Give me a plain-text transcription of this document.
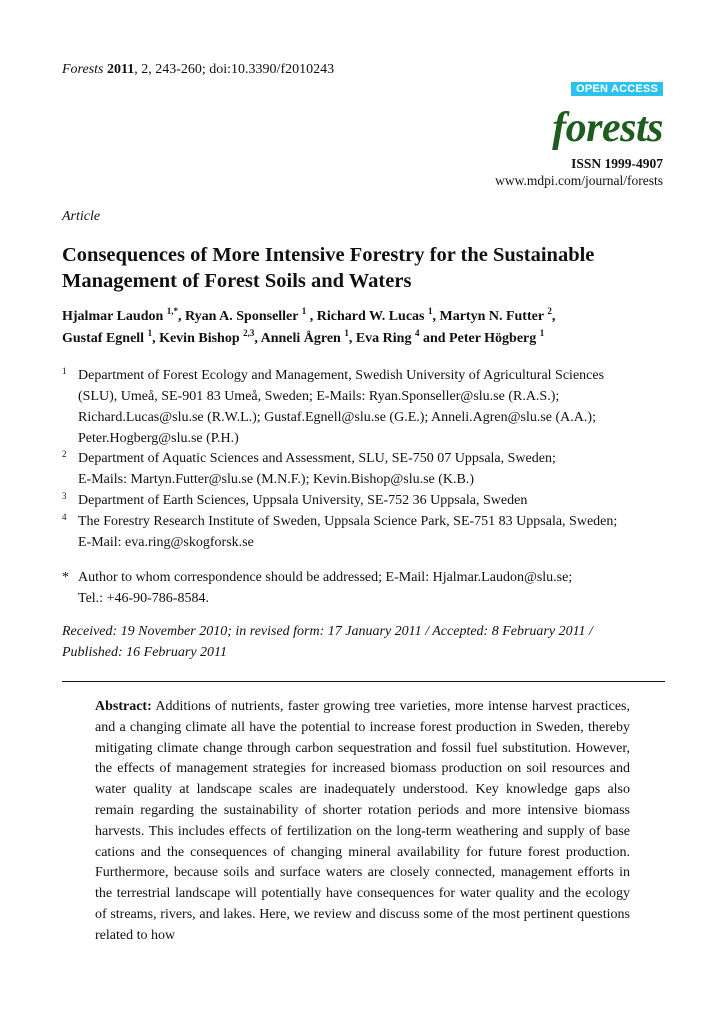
Forests 2011, 2, 243-260; doi:10.3390/f2010243
OPEN ACCESS
forests
ISSN 1999-4907
www.mdpi.com/journal/forests
Article
Consequences of More Intensive Forestry for the Sustainable Management of Forest Soils and Waters
Hjalmar Laudon $^{1,*}$, Ryan A. Sponseller $^1$ , Richard W. Lucas $^1$, Martyn N. Futter $^2$,
Gustaf Egnell $^1$, Kevin Bishop $^{2,3}$, Anneli Ågren $^1$, Eva Ring $^4$ and Peter Högberg $^1$
1 Department of Forest Ecology and Management, Swedish University of Agricultural Sciences
(SLU), Umeå, SE-901 83 Umeå, Sweden; E-Mails: Ryan.Sponseller@slu.se (R.A.S.);
Richard.Lucas@slu.se (R.W.L.); Gustaf.Egnell@slu.se (G.E.); Anneli.Agren@slu.se (A.A.);
Peter.Hogberg@slu.se (P.H.)
2 Department of Aquatic Sciences and Assessment, SLU, SE-750 07 Uppsala, Sweden;
E-Mails: Martyn.Futter@slu.se (M.N.F.); Kevin.Bishop@slu.se (K.B.)
3 Department of Earth Sciences, Uppsala University, SE-752 36 Uppsala, Sweden
4 The Forestry Research Institute of Sweden, Uppsala Science Park, SE-751 83 Uppsala, Sweden;
E-Mail: eva.ring@skogforsk.se
* Author to whom correspondence should be addressed; E-Mail: Hjalmar.Laudon@slu.se;
Tel.: +46-90-786-8584.
Received: 19 November 2010; in revised form: 17 January 2011 / Accepted: 8 February 2011 /
Published: 16 February 2011
Abstract: Additions of nutrients, faster growing tree varieties, more intense harvest practices, and a changing climate all have the potential to increase forest production in Sweden, thereby mitigating climate change through carbon sequestration and fossil fuel substitution. However, the effects of management strategies for increased biomass production on soil resources and water quality at landscape scales are inadequately understood. Key knowledge gaps also remain regarding the sustainability of shorter rotation periods and more intensive biomass harvests. This includes effects of fertilization on the long-term weathering and supply of base cations and the consequences of changing mineral availability for future forest production. Furthermore, because soils and surface waters are closely connected, management efforts in the terrestrial landscape will potentially have consequences for water quality and the ecology of streams, rivers, and lakes. Here, we review and discuss some of the most pertinent questions related to how
